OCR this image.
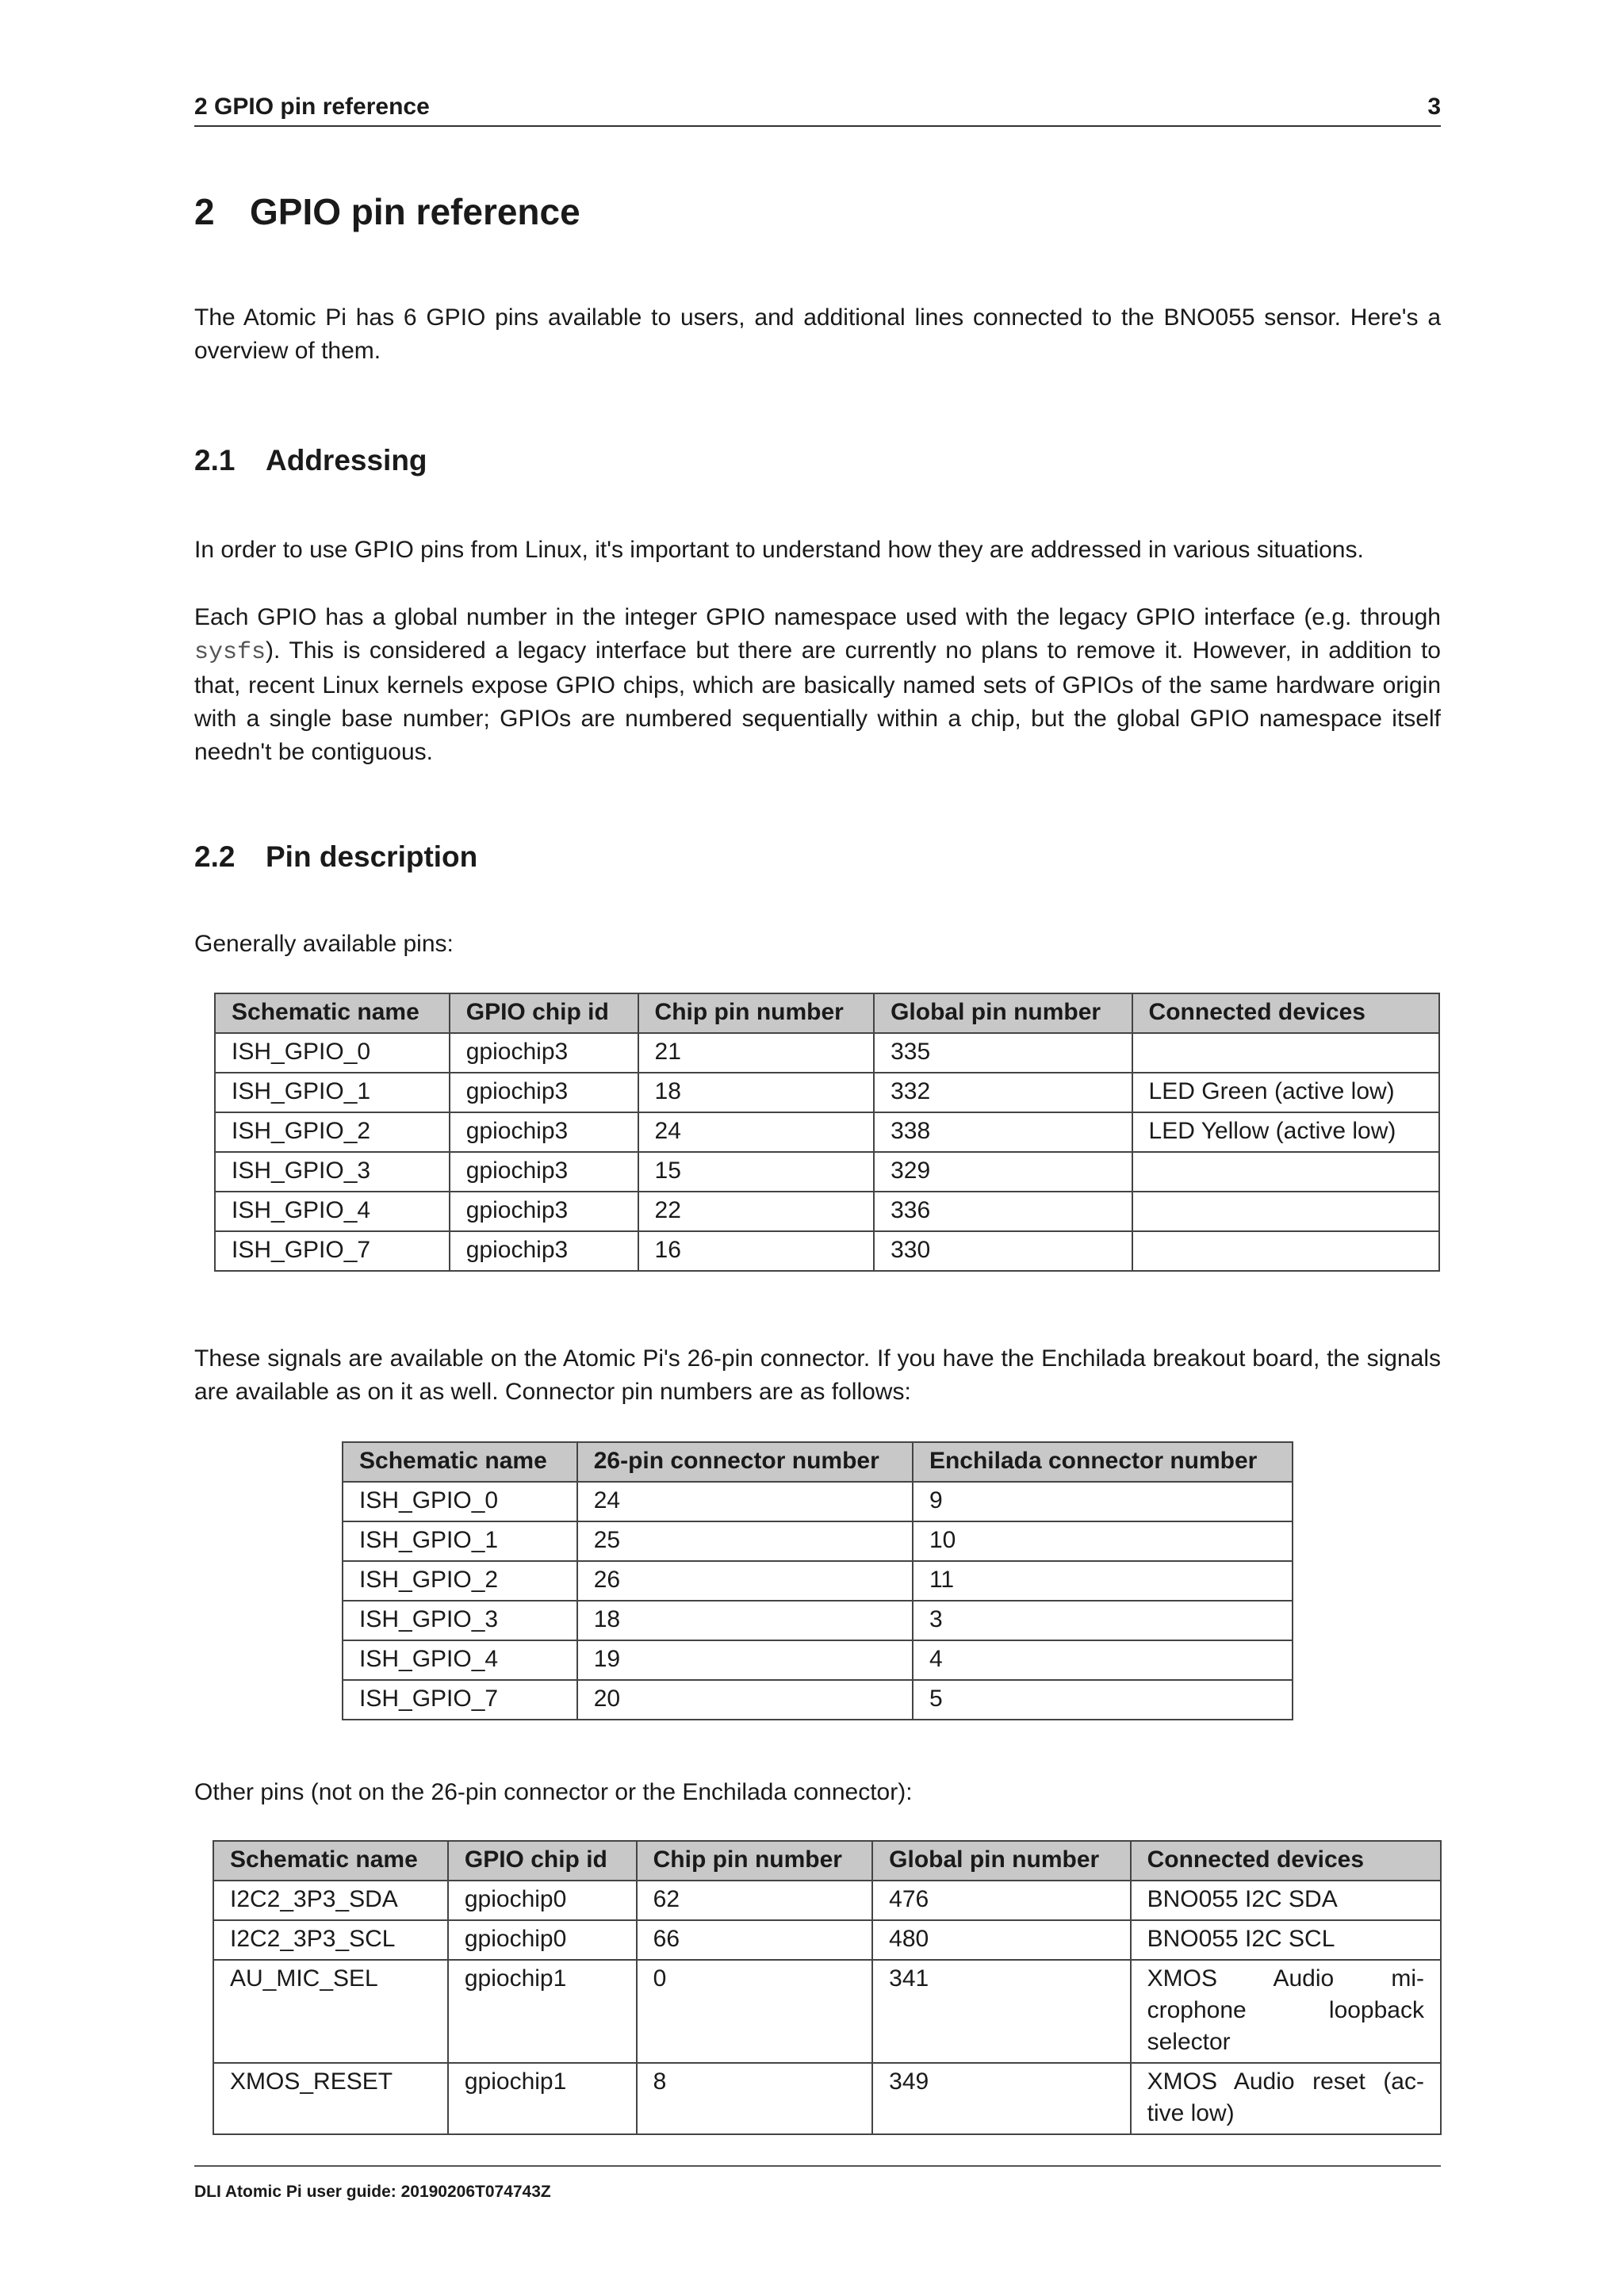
2 GPIO pin reference	3
2 GPIO pin reference

The Atomic Pi has 6 GPIO pins available to users, and additional lines connected to the BNO055 sensor. Here's a overview of them.

2.1 Addressing

In order to use GPIO pins from Linux, it's important to understand how they are addressed in various situations.

Each GPIO has a global number in the integer GPIO namespace used with the legacy GPIO interface (e.g. through sysfs). This is considered a legacy interface but there are currently no plans to remove it. However, in addition to that, recent Linux kernels expose GPIO chips, which are basically named sets of GPIOs of the same hardware origin with a single base number; GPIOs are numbered sequentially within a chip, but the global GPIO namespace itself needn't be contiguous.

2.2 Pin description

Generally available pins:

Schematic name	GPIO chip id	Chip pin number	Global pin number	Connected devices
ISH_GPIO_0	gpiochip3	21	335	
ISH_GPIO_1	gpiochip3	18	332	LED Green (active low)
ISH_GPIO_2	gpiochip3	24	338	LED Yellow (active low)
ISH_GPIO_3	gpiochip3	15	329	
ISH_GPIO_4	gpiochip3	22	336	
ISH_GPIO_7	gpiochip3	16	330	

These signals are available on the Atomic Pi's 26-pin connector. If you have the Enchilada breakout board, the signals are available as on it as well. Connector pin numbers are as follows:

Schematic name	26-pin connector number	Enchilada connector number
ISH_GPIO_0	24	9
ISH_GPIO_1	25	10
ISH_GPIO_2	26	11
ISH_GPIO_3	18	3
ISH_GPIO_4	19	4
ISH_GPIO_7	20	5

Other pins (not on the 26-pin connector or the Enchilada connector):

Schematic name	GPIO chip id	Chip pin number	Global pin number	Connected devices
I2C2_3P3_SDA	gpiochip0	62	476	BNO055 I2C SDA
I2C2_3P3_SCL	gpiochip0	66	480	BNO055 I2C SCL
AU_MIC_SEL	gpiochip1	0	341	XMOS Audio mi- crophone loopback selector
XMOS_RESET	gpiochip1	8	349	XMOS Audio reset (ac- tive low)
DLI Atomic Pi user guide: 20190206T074743Z
